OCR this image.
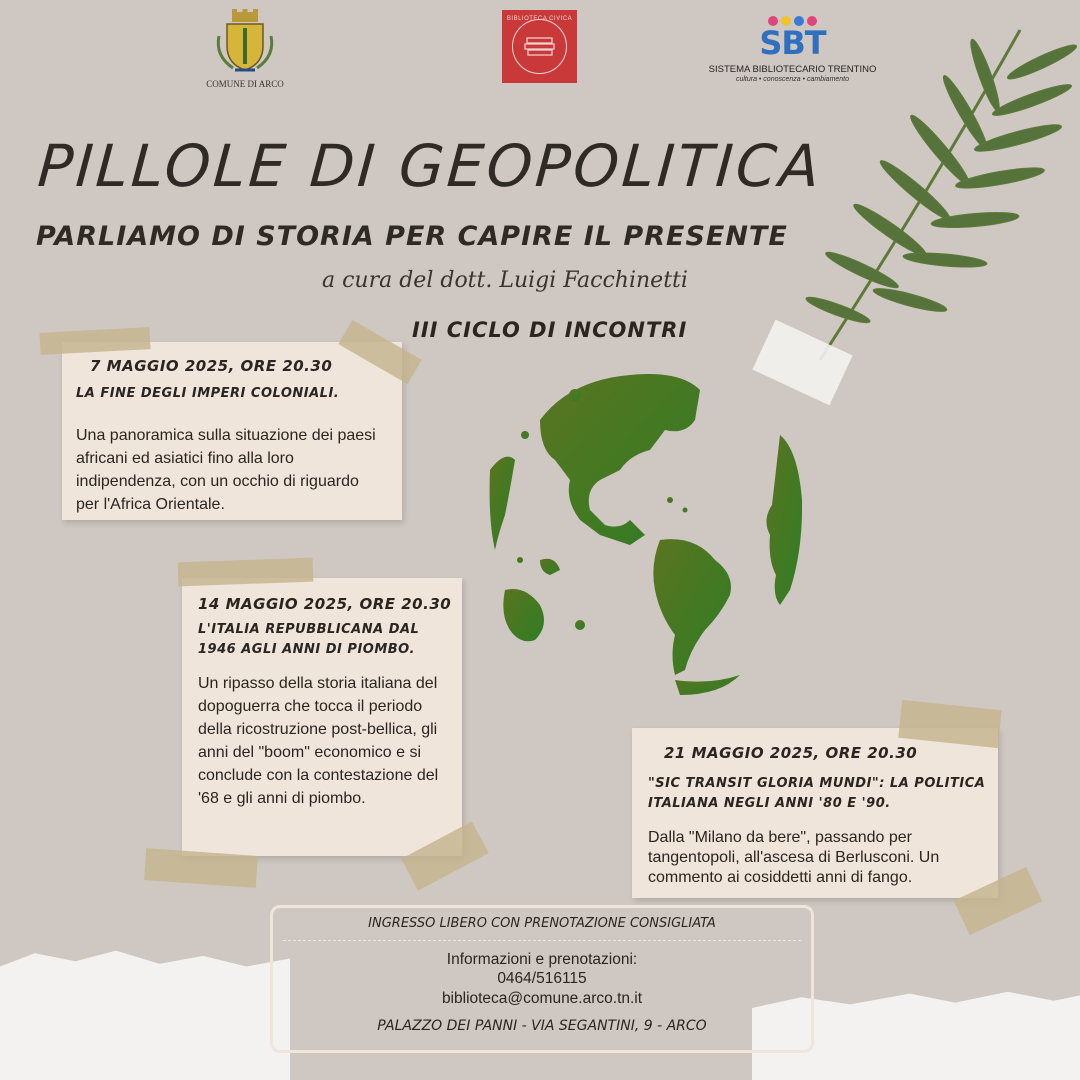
COMUNE DI ARCO
BIBLIOTECA CIVICA
SBT
SISTEMA BIBLIOTECARIO TRENTINO
cultura • conoscenza • cambiamento
PILLOLE DI GEOPOLITICA
PARLIAMO DI STORIA PER CAPIRE IL PRESENTE
a cura del dott. Luigi Facchinetti
III CICLO DI INCONTRI
7 MAGGIO 2025, ORE 20.30
LA FINE DEGLI IMPERI COLONIALI.
Una panoramica sulla situazione dei paesi africani ed asiatici fino alla loro indipendenza, con un occhio di riguardo per l'Africa Orientale.
14 MAGGIO 2025, ORE 20.30
L'ITALIA REPUBBLICANA DAL 1946 AGLI ANNI DI PIOMBO.
Un ripasso della storia italiana del dopoguerra che tocca il periodo della ricostruzione post-bellica, gli anni del "boom" economico e si conclude con la contestazione del '68 e gli anni di piombo.
21 MAGGIO 2025, ORE 20.30
"SIC TRANSIT GLORIA MUNDI": LA POLITICA ITALIANA NEGLI ANNI '80 E '90.
Dalla "Milano da bere", passando per tangentopoli, all'ascesa di Berlusconi. Un commento ai cosiddetti anni di fango.
INGRESSO LIBERO CON PRENOTAZIONE CONSIGLIATA
Informazioni e prenotazioni:
0464/516115
biblioteca@comune.arco.tn.it
PALAZZO DEI PANNI - VIA SEGANTINI, 9 - ARCO
